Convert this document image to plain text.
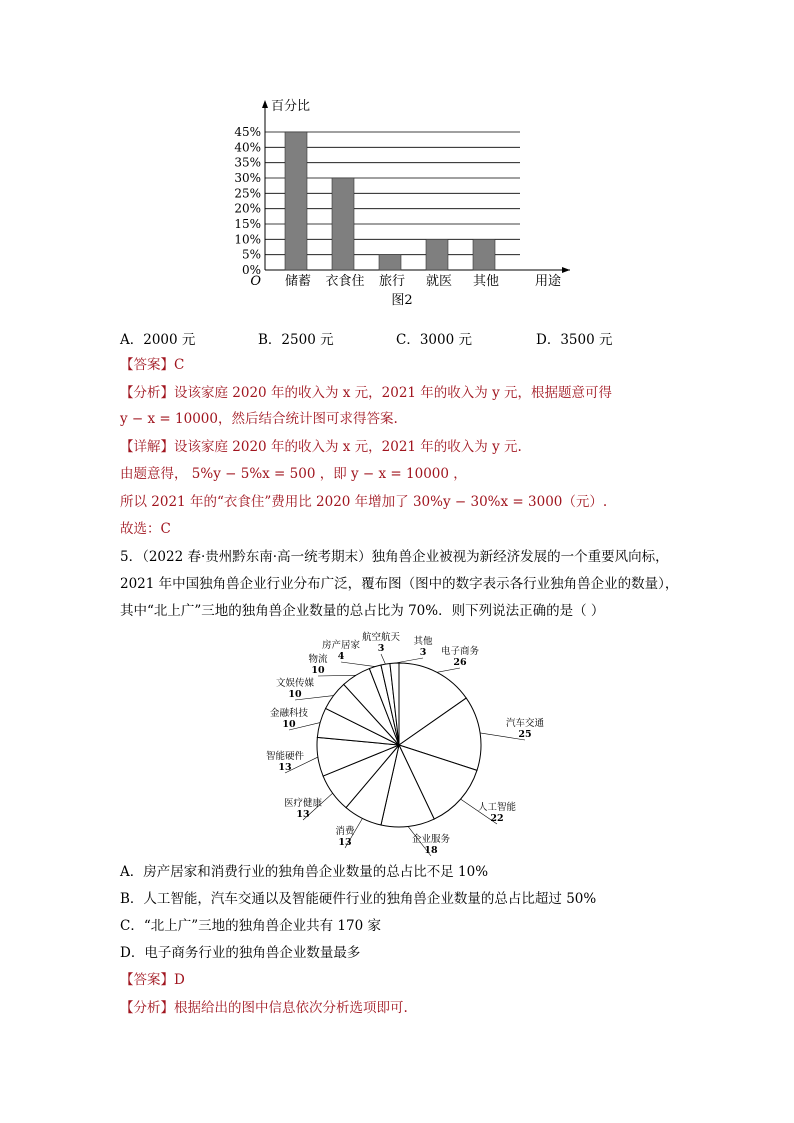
0%
5%
10%
15%
20%
25%
30%
35%
40%
45%
百分比
O	用途
储蓄 衣食住 旅行 就医 其他
图2
A．2000 元	B．2500 元	C．3000 元	D．3500 元
【答案】C
【分析】设该家庭 2020 年的收入为 x 元，2021 年的收入为 y 元，根据题意可得
y − x = 10000，然后结合统计图可求得答案.
【详解】设该家庭 2020 年的收入为 x 元，2021 年的收入为 y 元.
由题意得， 5%y − 5%x = 500 ，即 y − x = 10000 ，
所以 2021 年的“衣食住”费用比 2020 年增加了 30%y − 30%x = 3000（元）.
故选：C
5．（2022 春·贵州黔东南·高一统考期末）独角兽企业被视为新经济发展的一个重要风向标，
2021 年中国独角兽企业行业分布广泛，覆布图（图中的数字表示各行业独角兽企业的数量），
其中“北上广”三地的独角兽企业数量的总占比为 70%．则下列说法正确的是（ ）
电子商务
26
汽车交通
25
人工智能
22
企业服务
18
消费
13
医疗健康
13
智能硬件
13
金融科技
10
文娱传媒
10
物流
10
房产居家
4
航空航天
3
其他
3
A．房产居家和消费行业的独角兽企业数量的总占比不足 10%
B．人工智能，汽车交通以及智能硬件行业的独角兽企业数量的总占比超过 50%
C．“北上广”三地的独角兽企业共有 170 家
D．电子商务行业的独角兽企业数量最多
【答案】D
【分析】根据给出的图中信息依次分析选项即可.
